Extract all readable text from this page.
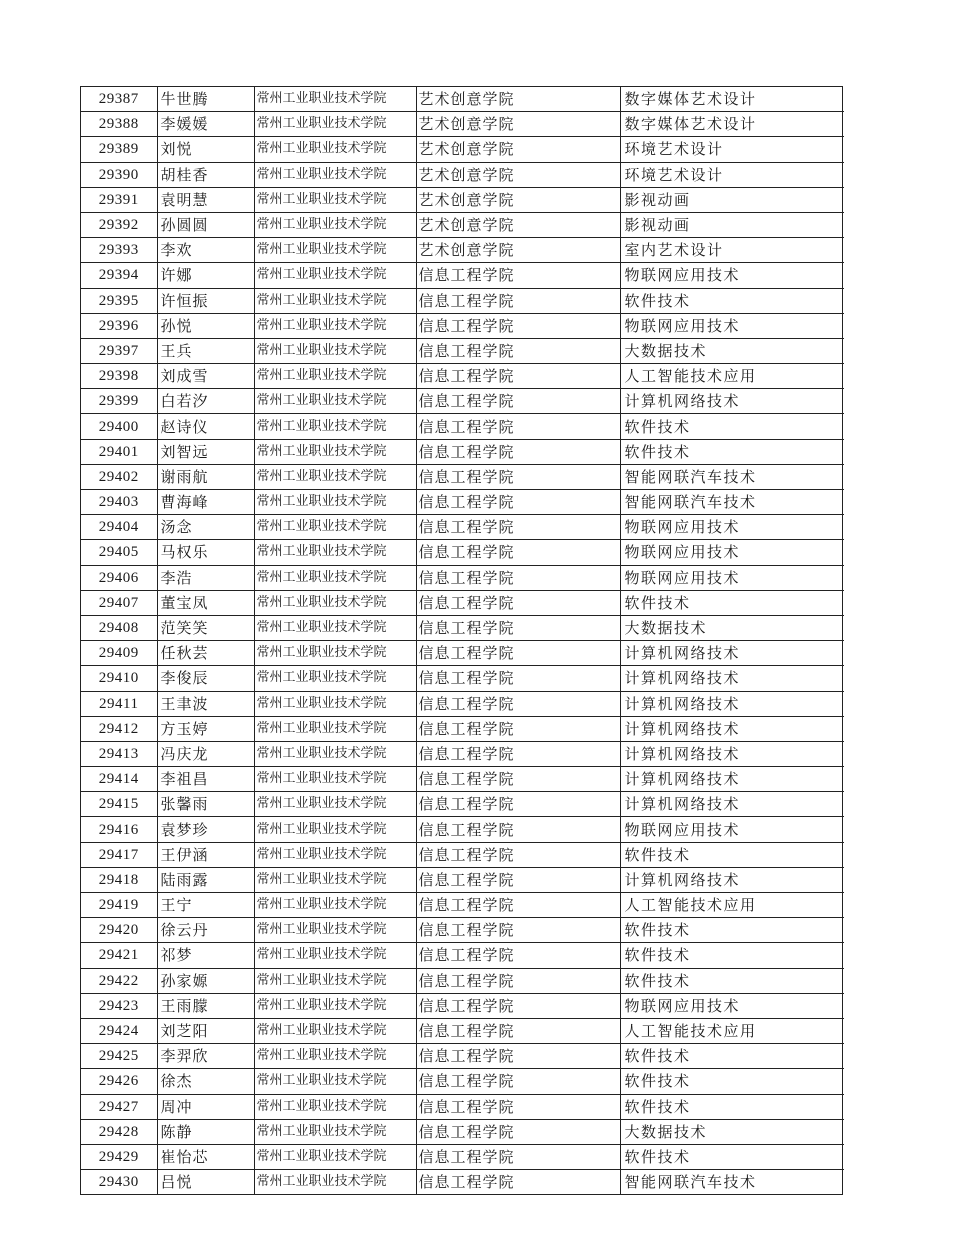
29387	牛世腾	常州工业职业技术学院	艺术创意学院	数字媒体艺术设计
29388	李媛媛	常州工业职业技术学院	艺术创意学院	数字媒体艺术设计
29389	刘悦	常州工业职业技术学院	艺术创意学院	环境艺术设计
29390	胡桂香	常州工业职业技术学院	艺术创意学院	环境艺术设计
29391	袁明慧	常州工业职业技术学院	艺术创意学院	影视动画
29392	孙圆圆	常州工业职业技术学院	艺术创意学院	影视动画
29393	李欢	常州工业职业技术学院	艺术创意学院	室内艺术设计
29394	许娜	常州工业职业技术学院	信息工程学院	物联网应用技术
29395	许恒振	常州工业职业技术学院	信息工程学院	软件技术
29396	孙悦	常州工业职业技术学院	信息工程学院	物联网应用技术
29397	王兵	常州工业职业技术学院	信息工程学院	大数据技术
29398	刘成雪	常州工业职业技术学院	信息工程学院	人工智能技术应用
29399	白若汐	常州工业职业技术学院	信息工程学院	计算机网络技术
29400	赵诗仪	常州工业职业技术学院	信息工程学院	软件技术
29401	刘智远	常州工业职业技术学院	信息工程学院	软件技术
29402	谢雨航	常州工业职业技术学院	信息工程学院	智能网联汽车技术
29403	曹海峰	常州工业职业技术学院	信息工程学院	智能网联汽车技术
29404	汤念	常州工业职业技术学院	信息工程学院	物联网应用技术
29405	马权乐	常州工业职业技术学院	信息工程学院	物联网应用技术
29406	李浩	常州工业职业技术学院	信息工程学院	物联网应用技术
29407	董宝凤	常州工业职业技术学院	信息工程学院	软件技术
29408	范笑笑	常州工业职业技术学院	信息工程学院	大数据技术
29409	任秋芸	常州工业职业技术学院	信息工程学院	计算机网络技术
29410	李俊辰	常州工业职业技术学院	信息工程学院	计算机网络技术
29411	王聿波	常州工业职业技术学院	信息工程学院	计算机网络技术
29412	方玉婷	常州工业职业技术学院	信息工程学院	计算机网络技术
29413	冯庆龙	常州工业职业技术学院	信息工程学院	计算机网络技术
29414	李祖昌	常州工业职业技术学院	信息工程学院	计算机网络技术
29415	张馨雨	常州工业职业技术学院	信息工程学院	计算机网络技术
29416	袁梦珍	常州工业职业技术学院	信息工程学院	物联网应用技术
29417	王伊涵	常州工业职业技术学院	信息工程学院	软件技术
29418	陆雨露	常州工业职业技术学院	信息工程学院	计算机网络技术
29419	王宁	常州工业职业技术学院	信息工程学院	人工智能技术应用
29420	徐云丹	常州工业职业技术学院	信息工程学院	软件技术
29421	祁梦	常州工业职业技术学院	信息工程学院	软件技术
29422	孙家嫄	常州工业职业技术学院	信息工程学院	软件技术
29423	王雨朦	常州工业职业技术学院	信息工程学院	物联网应用技术
29424	刘芝阳	常州工业职业技术学院	信息工程学院	人工智能技术应用
29425	李羿欣	常州工业职业技术学院	信息工程学院	软件技术
29426	徐杰	常州工业职业技术学院	信息工程学院	软件技术
29427	周冲	常州工业职业技术学院	信息工程学院	软件技术
29428	陈静	常州工业职业技术学院	信息工程学院	大数据技术
29429	崔怡芯	常州工业职业技术学院	信息工程学院	软件技术
29430	吕悦	常州工业职业技术学院	信息工程学院	智能网联汽车技术
